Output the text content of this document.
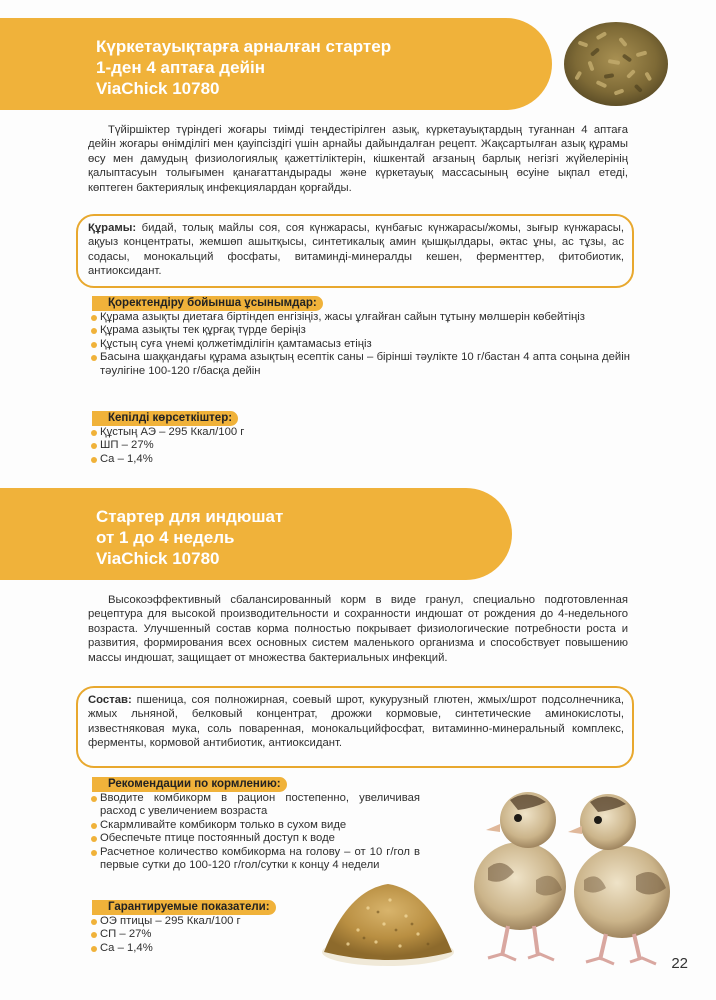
Күркетауықтарға арналған стартер
1-ден 4 аптаға дейін
ViaChick 10780
Түйіршіктер түріндегі жоғары тиімді теңдестірілген азық, күркетауықтардың туғаннан 4 аптаға дейін жоғары өнімділігі мен қауіпсіздігі үшін арнайы дайындалған рецепт. Жақсартылған азық құрамы өсу мен дамудың физиологиялық қажеттіліктерін, кішкентай ағзаның барлық негізгі жүйелерінің қалыптасуын толығымен қанағаттандырады және күркетауық массасының өсуіне ықпал етеді, көптеген бактериялық инфекциялардан қорғайды.
Құрамы: бидай, толық майлы соя, соя күнжарасы, күнбағыс күнжарасы/жомы, зығыр күнжарасы, ақуыз концентраты, жемшөп ашытқысы, синтетикалық амин қышқылдары, әктас ұны, ас тұзы, ас содасы, монокальций фосфаты, витаминді-минералды кешен, ферменттер, фитобиотик, антиоксидант.
Қоректендіру бойынша ұсынымдар:
Құрама азықты диетаға біртіндеп енгізіңіз, жасы ұлғайған сайын тұтыну мөлшерін көбейтіңіз
Құрама азықты тек құрғақ түрде беріңіз
Құстың суға үнемі қолжетімділігін қамтамасыз етіңіз
Басына шаққандағы құрама азықтың есептік саны – бірінші тәулікте 10 г/бастан 4 апта соңына дейін тәулігіне 100-120 г/басқа дейін
Кепілді көрсеткіштер:
Құстың АЭ – 295 Ккал/100 г
ШП – 27%
Ca – 1,4%
Стартер для индюшат
от 1 до 4 недель
ViaChick 10780
Высокоэффективный сбалансированный корм в виде гранул, специально подготовленная рецептура для высокой производительности и сохранности индюшат от рождения до 4-недельного возраста. Улучшенный состав корма полностью покрывает физиологические потребности роста и развития, формирования всех основных систем маленького организма и способствует повышению массы индюшат, защищает от множества бактериальных инфекций.
Состав: пшеница, соя полножирная, соевый шрот, кукурузный глютен, жмых/шрот подсолнечника, жмых льняной, белковый концентрат, дрожжи кормовые, синтетические аминокислоты, известняковая мука, соль поваренная, монокальцийфосфат, витаминно-минеральный комплекс, ферменты, кормовой антибиотик, антиоксидант.
Рекомендации по кормлению:
Вводите комбикорм в рацион постепенно, увеличивая расход с увеличением возраста
Скармливайте комбикорм только в сухом виде
Обеспечьте птице постоянный доступ к воде
Расчетное количество комбикорма на голову – от 10 г/гол в первые сутки до 100-120 г/гол/сутки к концу 4 недели
Гарантируемые показатели:
ОЭ птицы – 295 Ккал/100 г
СП – 27%
Ca – 1,4%
22
